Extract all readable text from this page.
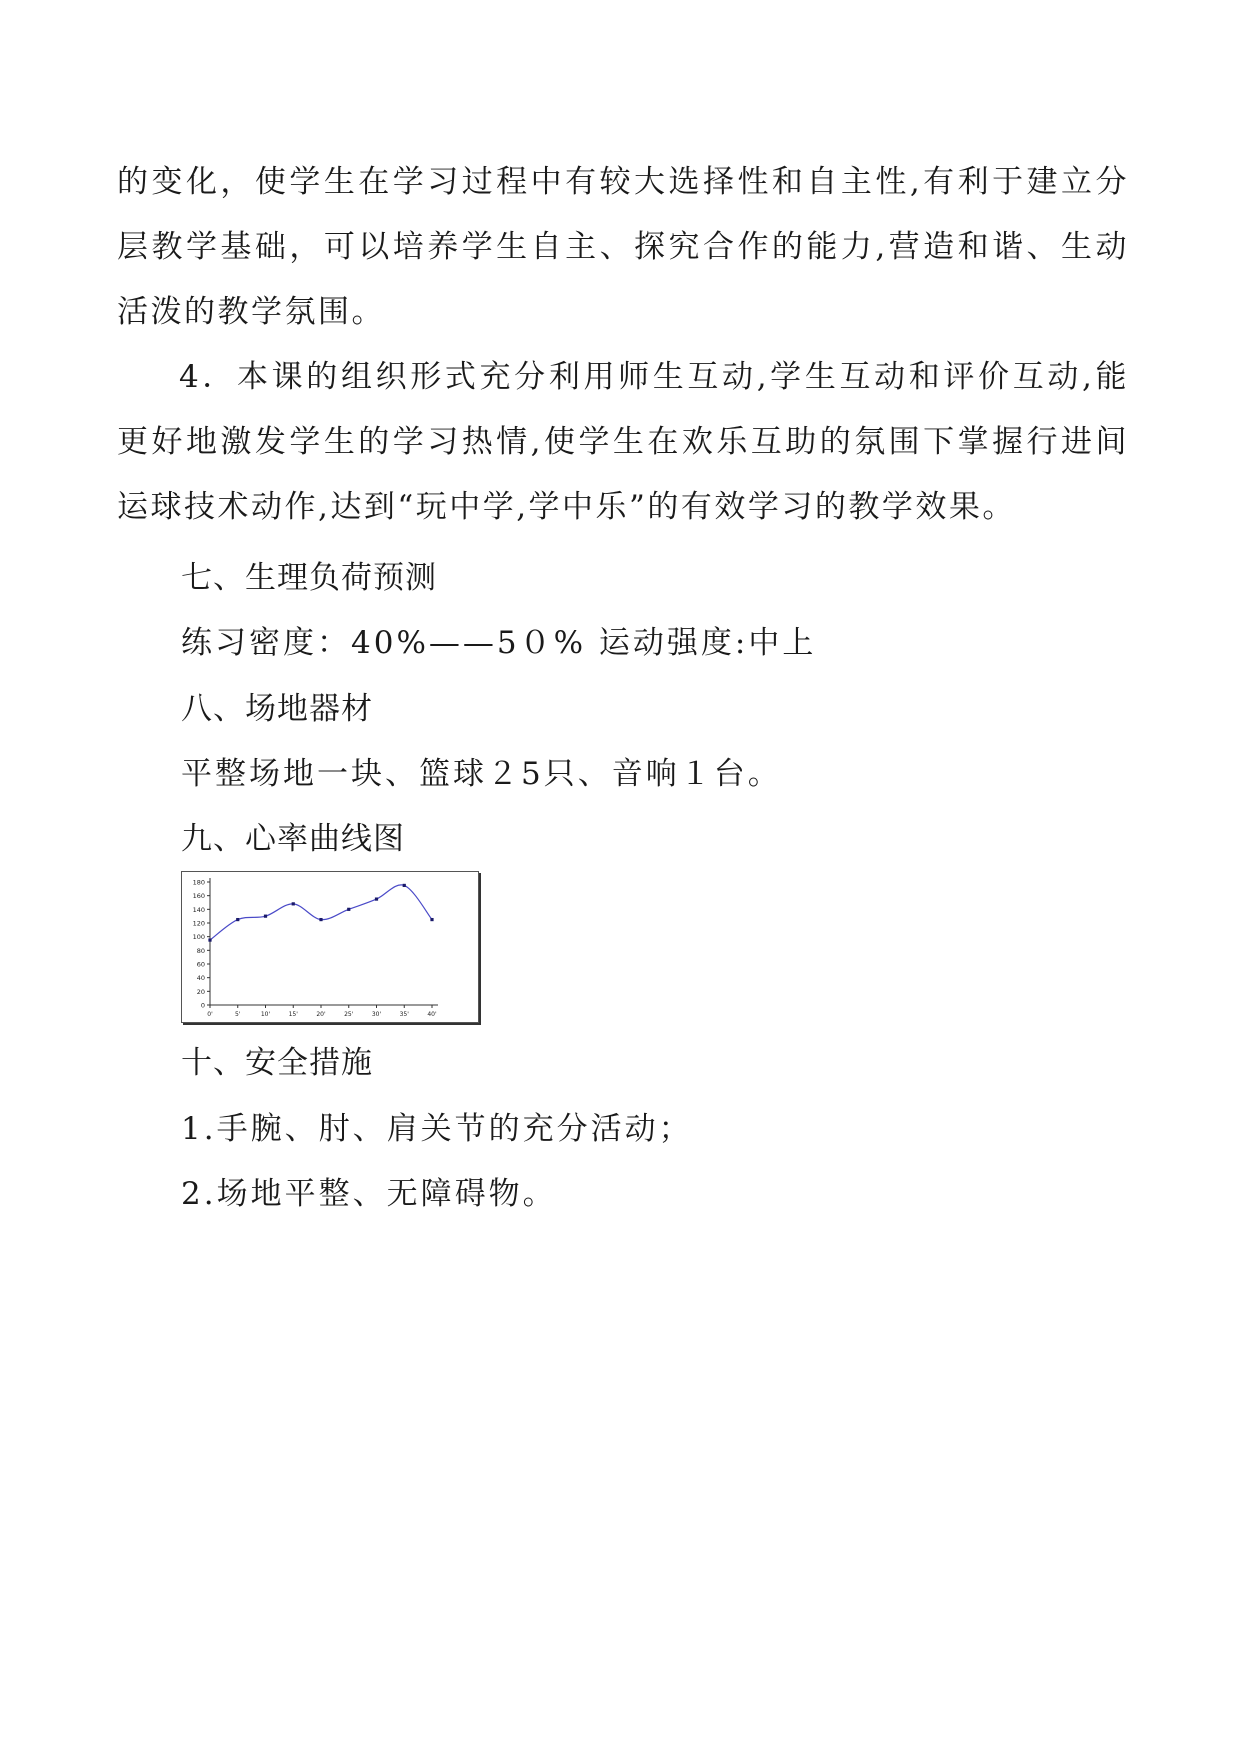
的变化，使学生在学习过程中有较大选择性和自主性,有利于建立分层教学基础，可以培养学生自主、探究合作的能力,营造和谐、生动活泼的教学氛围。

4．本课的组织形式充分利用师生互动,学生互动和评价互动,能更好地激发学生的学习热情,使学生在欢乐互助的氛围下掌握行进间运球技术动作,达到“玩中学,学中乐”的有效学习的教学效果。

七、生理负荷预测

练习密度：40%——5０% 运动强度:中上

八、场地器材

平整场地一块、篮球２5只、音响１台。

九、心率曲线图
0
20
40
60
80
100
120
140
160
180
0'	5'	10'	15'	20'	25'	30'	35'	40'
十、安全措施

1.手腕、肘、肩关节的充分活动；

2.场地平整、无障碍物。
